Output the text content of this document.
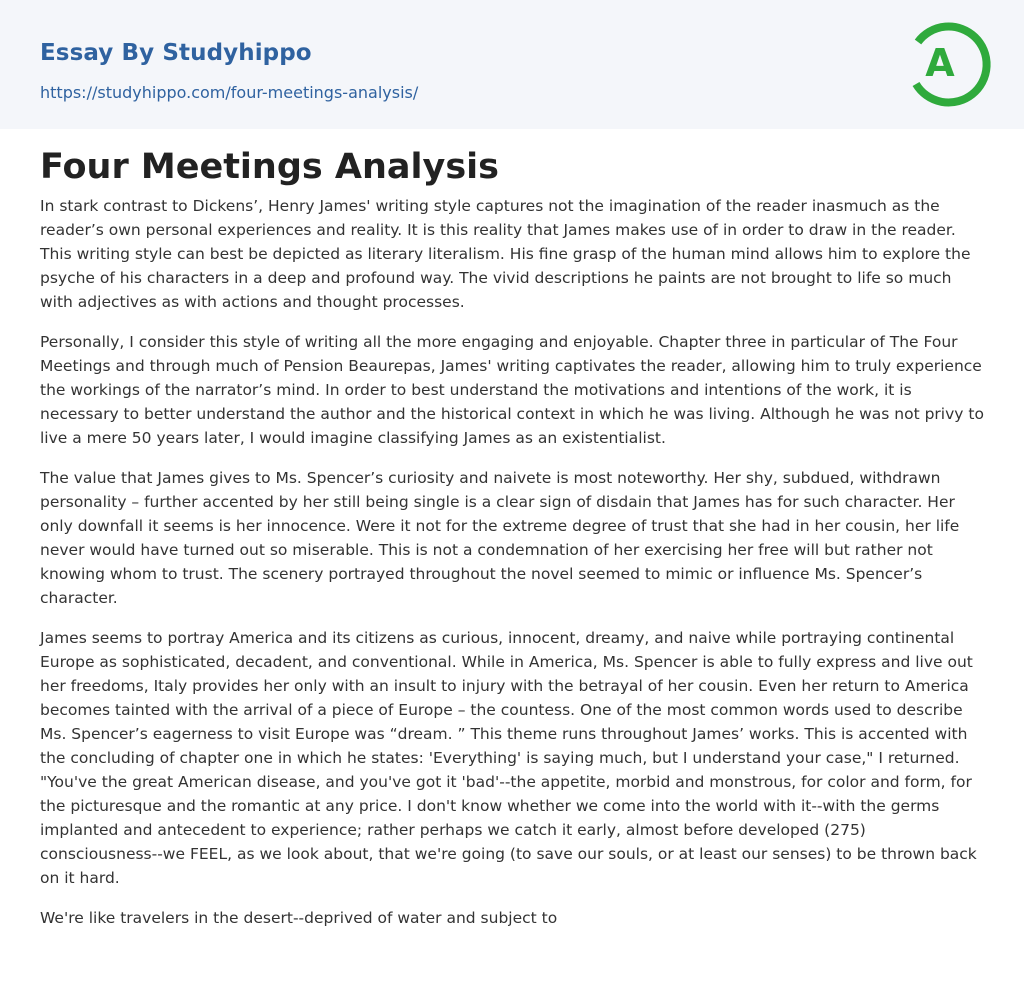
Essay By Studyhippo
https://studyhippo.com/four-meetings-analysis/
A
Four Meetings Analysis

In stark contrast to Dickens’, Henry James' writing style captures not the imagination of the reader inasmuch as the reader’s own personal experiences and reality. It is this reality that James makes use of in order to draw in the reader. This writing style can best be depicted as literary literalism. His fine grasp of the human mind allows him to explore the psyche of his characters in a deep and profound way. The vivid descriptions he paints are not brought to life so much with adjectives as with actions and thought processes.

Personally, I consider this style of writing all the more engaging and enjoyable. Chapter three in particular of The Four Meetings and through much of Pension Beaurepas, James' writing captivates the reader, allowing him to truly experience the workings of the narrator’s mind. In order to best understand the motivations and intentions of the work, it is necessary to better understand the author and the historical context in which he was living. Although he was not privy to live a mere 50 years later, I would imagine classifying James as an existentialist.

The value that James gives to Ms. Spencer’s curiosity and naivete is most noteworthy. Her shy, subdued, withdrawn personality – further accented by her still being single is a clear sign of disdain that James has for such character. Her only downfall it seems is her innocence. Were it not for the extreme degree of trust that she had in her cousin, her life never would have turned out so miserable. This is not a condemnation of her exercising her free will but rather not knowing whom to trust. The scenery portrayed throughout the novel seemed to mimic or influence Ms. Spencer’s character.

James seems to portray America and its citizens as curious, innocent, dreamy, and naive while portraying continental Europe as sophisticated, decadent, and conventional. While in America, Ms. Spencer is able to fully express and live out her freedoms, Italy provides her only with an insult to injury with the betrayal of her cousin. Even her return to America becomes tainted with the arrival of a piece of Europe – the countess. One of the most common words used to describe Ms. Spencer’s eagerness to visit Europe was “dream. ” This theme runs throughout James’ works. This is accented with the concluding of chapter one in which he states: 'Everything' is saying much, but I understand your case," I returned. "You've the great American disease, and you've got it 'bad'--the appetite, morbid and monstrous, for color and form, for the picturesque and the romantic at any price. I don't know whether we come into the world with it--with the germs implanted and antecedent to experience; rather perhaps we catch it early, almost before developed (275) consciousness--we FEEL, as we look about, that we're going (to save our souls, or at least our senses) to be thrown back on it hard.

We're like travelers in the desert--deprived of water and subject to
